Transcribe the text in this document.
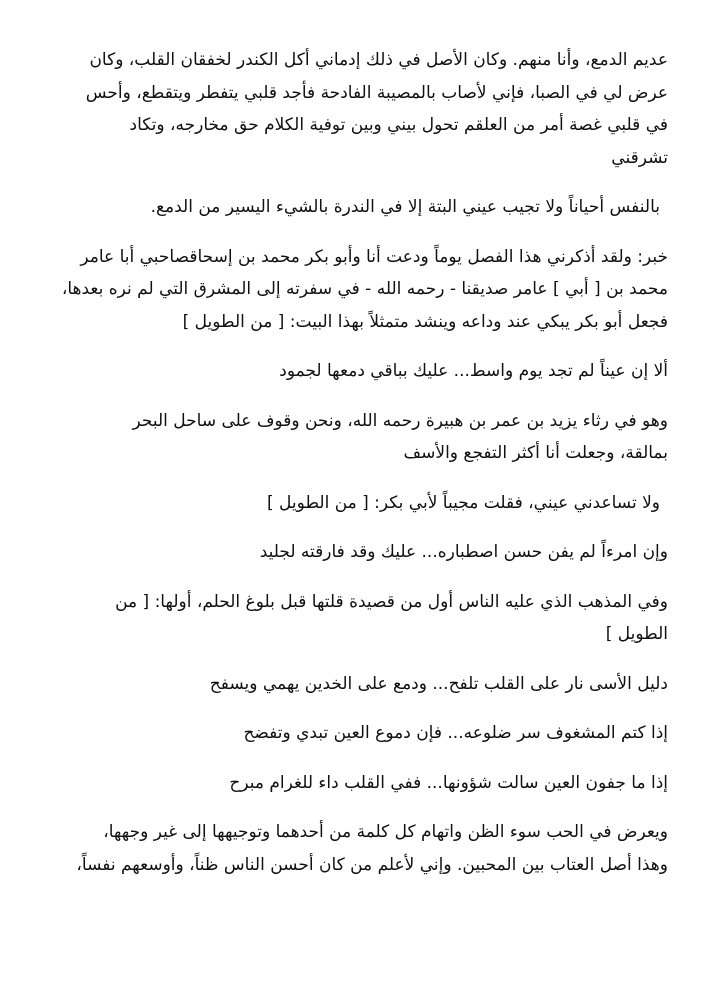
عديم الدمع، وأنا منهم. وكان الأصل في ذلك إدماني أكل الكندر لخفقان القلب، وكان
عرض لي في الصبا، فإني لأصاب بالمصيبة الفادحة فأجد قلبي يتفطر ويتقطع، وأحس
في قلبي غصة أمر من العلقم تحول بيني وبين توفية الكلام حق مخارجه، وتكاد
تشرقني

بالنفس أحياناً ولا تجيب عيني البتة إلا في الندرة بالشيء اليسير من الدمع.

خبر: ولقد أذكرني هذا الفصل يوماً ودعت أنا وأبو بكر محمد بن إسحاقصاحبي أبا عامر
محمد بن [ أبي ] عامر صديقنا - رحمه الله - في سفرته إلى المشرق التي لم نره بعدها،
فجعل أبو بكر يبكي عند وداعه وينشد متمثلاً بهذا البيت: [ من الطويل ]

ألا إن عيناً لم تجد يوم واسط... عليك بباقي دمعها لجمود

وهو في رثاء يزيد بن عمر بن هبيرة رحمه الله، ونحن وقوف على ساحل البحر
بمالقة، وجعلت أنا أكثر التفجع والأسف

ولا تساعدني عيني، فقلت مجيباً لأبي بكر: [ من الطويل ]

وإن امرءاً لم يفن حسن اصطباره... عليك وقد فارقته لجليد

وفي المذهب الذي عليه الناس أول من قصيدة قلتها قبل بلوغ الحلم، أولها: [ من
الطويل ]

دليل الأسى نار على القلب تلفح... ودمع على الخدين يهمي ويسفح

إذا كتم المشغوف سر ضلوعه... فإن دموع العين تبدي وتفضح

إذا ما جفون العين سالت شؤونها... ففي القلب داء للغرام مبرح

ويعرض في الحب سوء الظن واتهام كل كلمة من أحدهما وتوجيهها إلى غير وجهها،
وهذا أصل العتاب بين المحبين. وإني لأعلم من كان أحسن الناس ظناً، وأوسعهم نفساً،
